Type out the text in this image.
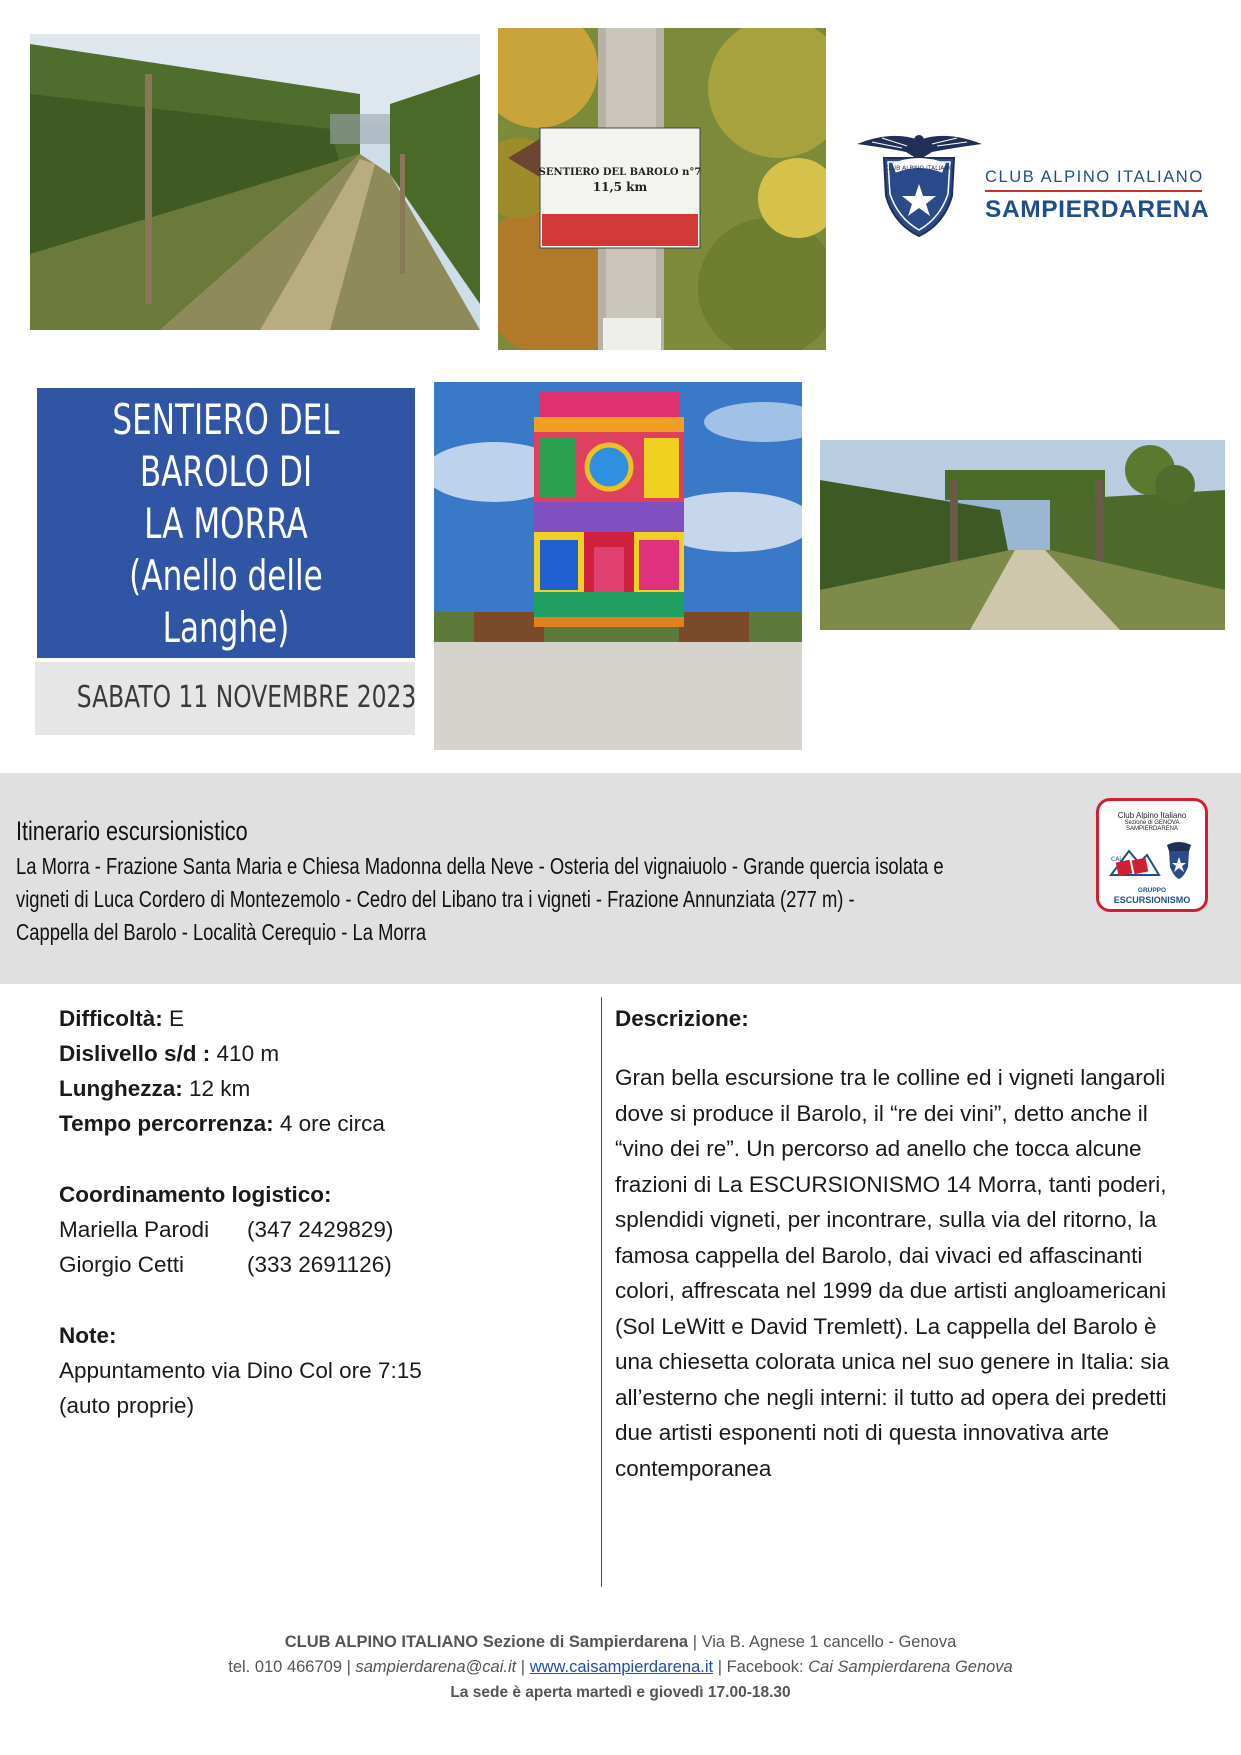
SENTIERO DEL BAROLO n°7
11,5 km
CLUB ALPINO ITALIANO CLUB ALPINO ITALIANO
SAMPIERDARENA
SENTIERO DEL
BAROLO DI
LA MORRA
(Anello delle
Langhe)
SABATO 11 NOVEMBRE 2023
Itinerario escursionistico
La Morra - Frazione Santa Maria e Chiesa Madonna della Neve - Osteria del vignaiuolo - Grande quercia isolata e
vigneti di Luca Cordero di Montezemolo - Cedro del Libano tra i vigneti - Frazione Annunziata (277 m) -
Cappella del Barolo - Località Cerequio - La Morra
Club Alpino Italiano
Sezione di GENOVA
SAMPIERDARENA
CAI
GRUPPO
ESCURSIONISMO
Difficoltà: E
Dislivello s/d : 410 m
Lunghezza: 12 km
Tempo percorrenza: 4 ore circa
Coordinamento logistico:
Mariella Parodi (347 2429829)
Giorgio Cetti	(333 2691126)
Note:
Appuntamento via Dino Col ore 7:15
(auto proprie)
Descrizione:
Gran bella escursione tra le colline ed i vigneti langaroli dove si produce il Barolo, il “re dei vini”, detto anche il “vino dei re”. Un percorso ad anello che tocca alcune frazioni di La ESCURSIONISMO 14 Morra, tanti poderi, splendidi vigneti, per incontrare, sulla via del ritorno, la famosa cappella del Barolo, dai vivaci ed affascinanti colori, affrescata nel 1999 da due artisti angloamericani (Sol LeWitt e David Tremlett). La cappella del Barolo è una chiesetta colorata unica nel suo genere in Italia: sia all’esterno che negli interni: il tutto ad opera dei predetti due artisti esponenti noti di questa innovativa arte contemporanea
CLUB ALPINO ITALIANO Sezione di Sampierdarena | Via B. Agnese 1 cancello - Genova
tel. 010 466709 | sampierdarena@cai.it | www.caisampierdarena.it | Facebook: Cai Sampierdarena Genova
La sede è aperta martedì e giovedì 17.00-18.30
